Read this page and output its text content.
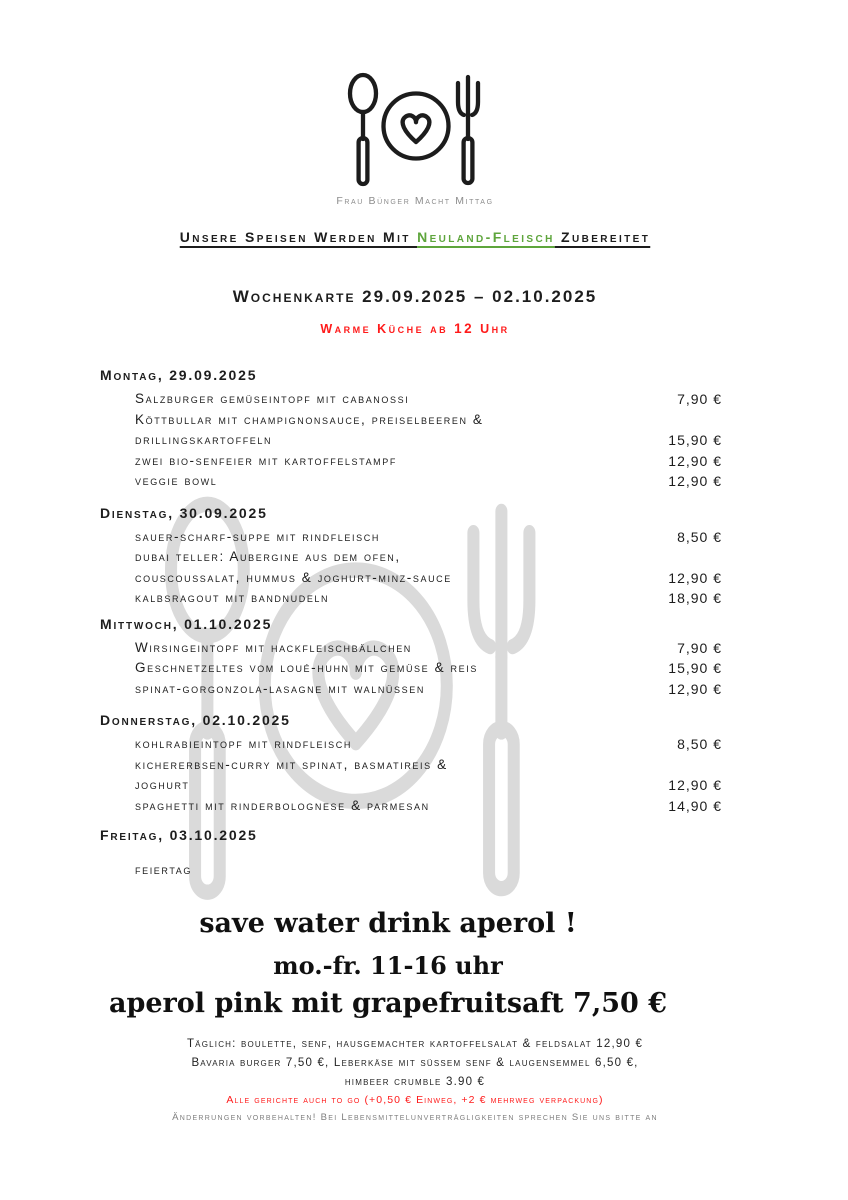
Frau Bünger Macht Mittag
Unsere Speisen Werden Mit Neuland-Fleisch Zubereitet
Wochenkarte 29.09.2025 – 02.10.2025
Warme Küche ab 12 Uhr
Montag, 29.09.2025
Salzburger gemüseintopf mit cabanossi	7,90 €
Köttbullar mit champignonsauce, preiselbeeren &
drillingskartoffeln	15,90 €
zwei bio-senfeier mit kartoffelstampf	12,90 €
veggie bowl	12,90 €
Dienstag, 30.09.2025
sauer-scharf-suppe mit rindfleisch	8,50 €
dubai teller: Aubergine aus dem ofen,
couscoussalat, hummus & joghurt-minz-sauce	12,90 €
kalbsragout mit bandnudeln	18,90 €
Mittwoch, 01.10.2025
Wirsingeintopf mit hackfleischbällchen	7,90 €
Geschnetzeltes vom loué-huhn mit gemüse & reis	15,90 €
spinat-gorgonzola-lasagne mit walnüssen	12,90 €
Donnerstag, 02.10.2025
kohlrabieintopf mit rindfleisch	8,50 €
kichererbsen-curry mit spinat, basmatireis &
joghurt	12,90 €
spaghetti mit rinderbolognese & parmesan	14,90 €
Freitag, 03.10.2025
feiertag
save water drink aperol !
mo.-fr. 11-16 uhr
aperol pink mit grapefruitsaft 7,50 €
Täglich: boulette, senf, hausgemachter kartoffelsalat & feldsalat 12,90 €
Bavaria burger 7,50 €, Leberkäse mit süssem senf & laugensemmel 6,50 €,
himbeer crumble 3.90 €
Alle gerichte auch to go (+0,50 € Einweg, +2 € mehrweg verpackung)
Änderrungen vorbehalten! Bei Lebensmittelunverträgligkeiten sprechen Sie uns bitte an
